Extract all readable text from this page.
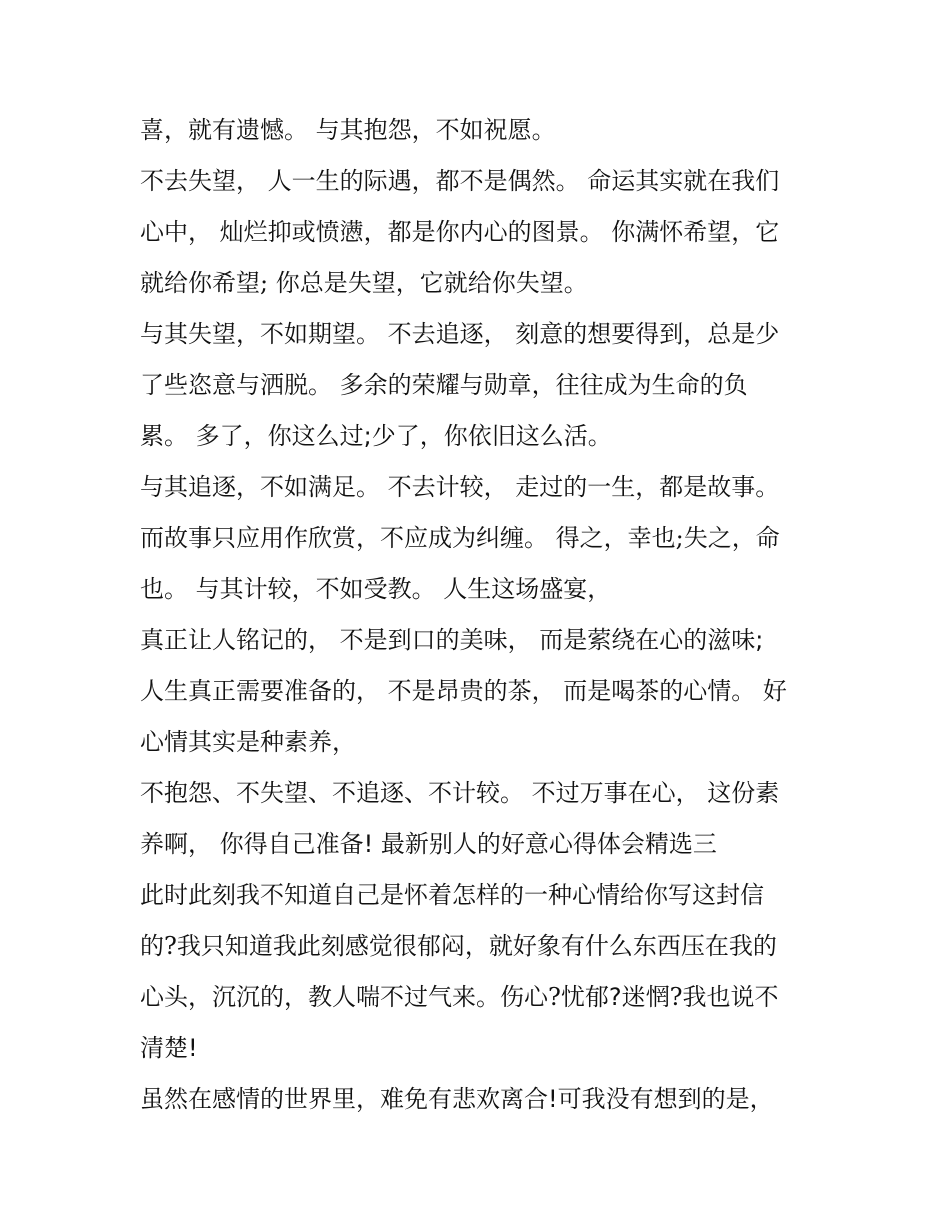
喜，就有遗憾。 与其抱怨，不如祝愿。
不去失望， 人一生的际遇，都不是偶然。 命运其实就在我们
心中， 灿烂抑或愤懑，都是你内心的图景。 你满怀希望，它
就给你希望; 你总是失望，它就给你失望。
与其失望，不如期望。 不去追逐， 刻意的想要得到，总是少
了些恣意与洒脱。 多余的荣耀与勋章，往往成为生命的负
累。 多了，你这么过;少了，你依旧这么活。
与其追逐，不如满足。 不去计较， 走过的一生，都是故事。
而故事只应用作欣赏，不应成为纠缠。 得之，幸也;失之，命
也。 与其计较，不如受教。 人生这场盛宴，
真正让人铭记的， 不是到口的美味， 而是萦绕在心的滋味;
人生真正需要准备的， 不是昂贵的茶， 而是喝茶的心情。 好
心情其实是种素养，
不抱怨、不失望、不追逐、不计较。 不过万事在心， 这份素
养啊， 你得自己准备! 最新别人的好意心得体会精选三
此时此刻我不知道自己是怀着怎样的一种心情给你写这封信
的?我只知道我此刻感觉很郁闷，就好象有什么东西压在我的
心头，沉沉的，教人喘不过气来。伤心?忧郁?迷惘?我也说不
清楚!
虽然在感情的世界里，难免有悲欢离合!可我没有想到的是，
